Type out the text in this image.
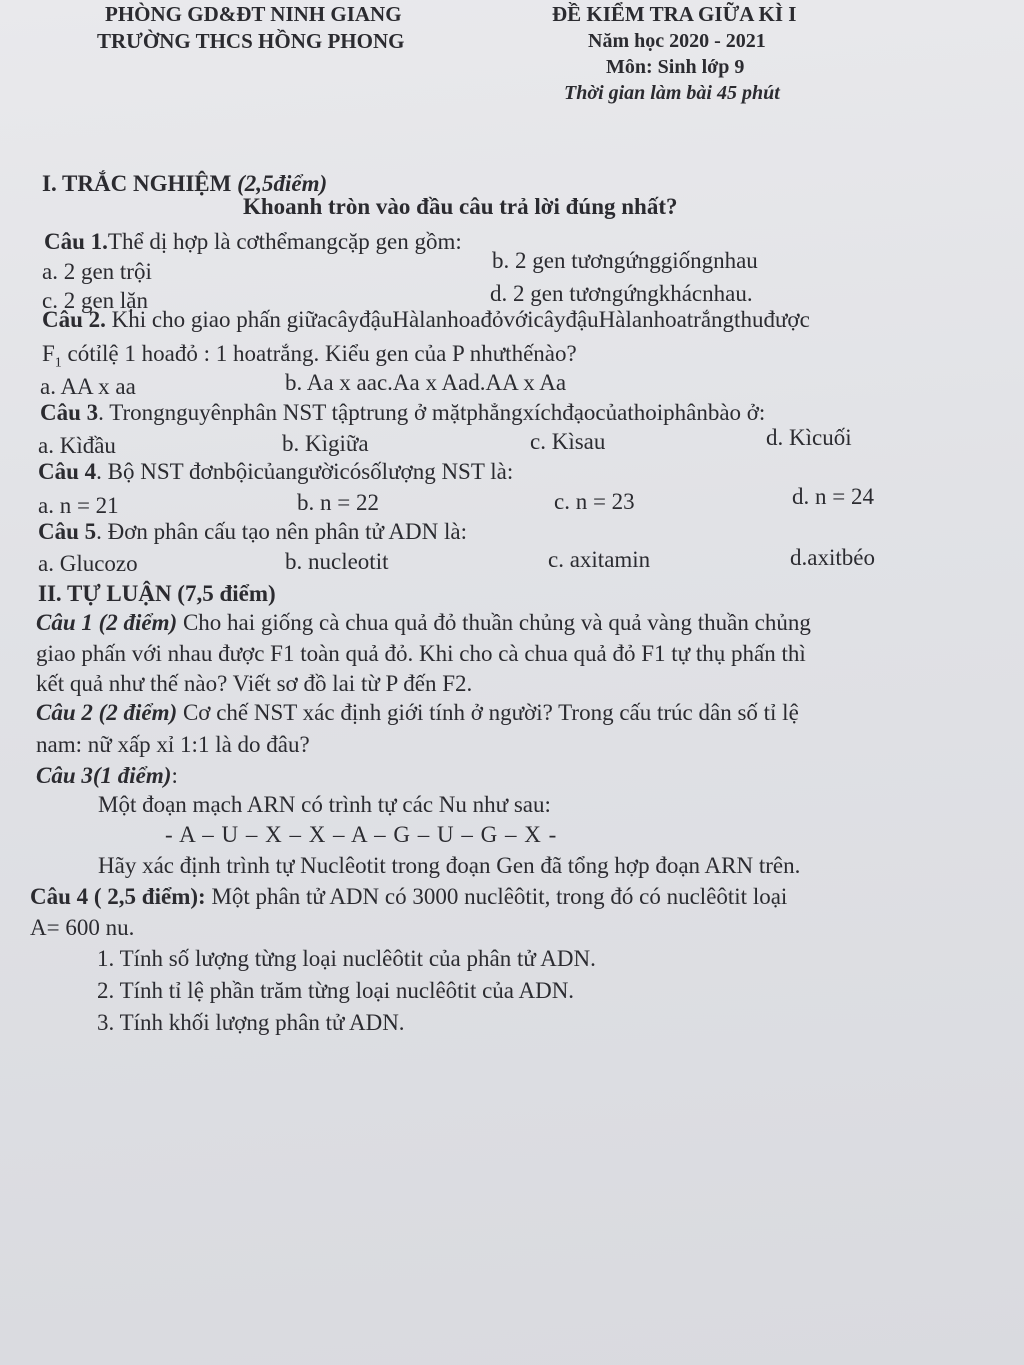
PHÒNG GD&ĐT NINH GIANG
TRƯỜNG THCS HỒNG PHONG
ĐỀ KIỂM TRA GIỮA KÌ I
Năm học 2020 - 2021
Môn: Sinh lớp 9
Thời gian làm bài 45 phút
I. TRẮC NGHIỆM (2,5điểm)
Khoanh tròn vào đầu câu trả lời đúng nhất?
Câu 1.Thể dị hợp là cơthểmangcặp gen gồm:
a. 2 gen trội	b. 2 gen tươngứnggiốngnhau
c. 2 gen lặn	d. 2 gen tươngứngkhácnhau.
Câu 2. Khi cho giao phấn giữacâyđậuHàlanhoađỏvớicâyđậuHàlanhoatrắngthuđược
$F_1$ cótỉlệ 1 hoađỏ : 1 hoatrắng. Kiểu gen của P nhưthếnào?
a. AA x aa	b. Aa x aac.Aa x Aad.AA x Aa
Câu 3. Trongnguyênphân NST tậptrung ở mặtphẳngxíchđạocủathoiphânbào ở:
a. Kìđầu	b. Kìgiữa	c. Kìsau	d. Kìcuối
Câu 4. Bộ NST đơnbộicủangườicósốlượng NST là:
a. n = 21	b. n = 22	c. n = 23	d. n = 24
Câu 5. Đơn phân cấu tạo nên phân tử ADN là:
a. Glucozo	b. nucleotit	c. axitamin	d.axitbéo
II. TỰ LUẬN (7,5 điểm)
Câu 1 (2 điểm) Cho hai giống cà chua quả đỏ thuần chủng và quả vàng thuần chủng
giao phấn với nhau được F1 toàn quả đỏ. Khi cho cà chua quả đỏ F1 tự thụ phấn thì
kết quả như thế nào? Viết sơ đồ lai từ P đến F2.
Câu 2 (2 điểm) Cơ chế NST xác định giới tính ở người? Trong cấu trúc dân số tỉ lệ
nam: nữ xấp xỉ 1:1 là do đâu?
Câu 3(1 điểm):
Một đoạn mạch ARN có trình tự các Nu như sau:
- A – U – X – X – A – G – U – G – X -
Hãy xác định trình tự Nuclêotit trong đoạn Gen đã tổng hợp đoạn ARN trên.
Câu 4 ( 2,5 điểm): Một phân tử ADN có 3000 nuclêôtit, trong đó có nuclêôtit loại
A= 600 nu.
1. Tính số lượng từng loại nuclêôtit của phân tử ADN.
2. Tính tỉ lệ phần trăm từng loại nuclêôtit của ADN.
3. Tính khối lượng phân tử ADN.
